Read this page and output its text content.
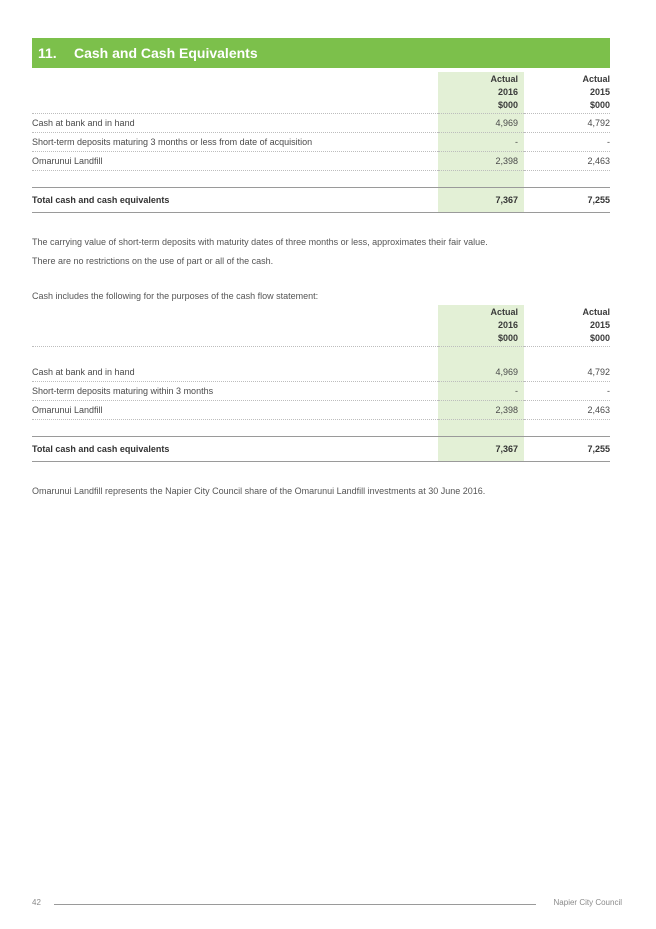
11.	Cash and Cash Equivalents
	Actual	Actual
	2016	2015
	$000	$000
Cash at bank and in hand	4,969	4,792
Short-term deposits maturing 3 months or less from date of acquisition	-	-
Omarunui Landfill	2,398	2,463

Total cash and cash equivalents	7,367	7,255
The carrying value of short-term deposits with maturity dates of three months or less, approximates their fair value.
There are no restrictions on the use of part or all of the cash.
Cash includes the following for the purposes of the cash flow statement:
	Actual	Actual
	2016	2015
	$000	$000

Cash at bank and in hand	4,969	4,792
Short-term deposits maturing within 3 months	-	-
Omarunui Landfill	2,398	2,463

Total cash and cash equivalents	7,367	7,255
Omarunui Landfill represents the Napier City Council share of the Omarunui Landfill investments at 30 June 2016.
42	Napier City Council
